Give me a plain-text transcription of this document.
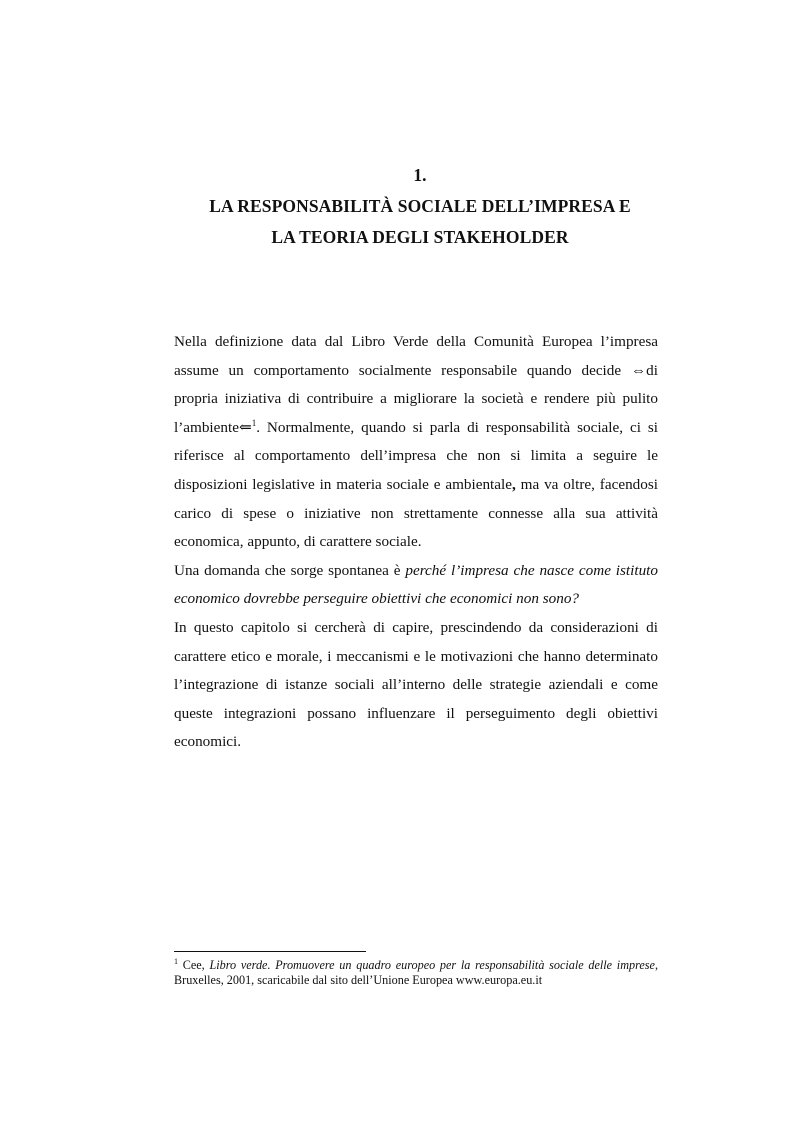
1.
LA RESPONSABILITÀ SOCIALE DELL’IMPRESA E
LA TEORIA DEGLI STAKEHOLDER

Nella definizione data dal Libro Verde della Comunità Europea l’impresa assume un comportamento socialmente responsabile quando decide ⇔di propria iniziativa di contribuire a migliorare la società e rendere più pulito l’ambiente⇐$^1$. Normalmente, quando si parla di responsabilità sociale, ci si riferisce al comportamento dell’impresa che non si limita a seguire le disposizioni legislative in materia sociale e ambientale, ma va oltre, facendosi carico di spese o iniziative non strettamente connesse alla sua attività economica, appunto, di carattere sociale.

Una domanda che sorge spontanea è perché l’impresa che nasce come istituto economico dovrebbe perseguire obiettivi che economici non sono?

In questo capitolo si cercherà di capire, prescindendo da considerazioni di carattere etico e morale, i meccanismi e le motivazioni che hanno determinato l’integrazione di istanze sociali all’interno delle strategie aziendali e come queste integrazioni possano influenzare il perseguimento degli obiettivi economici.

$^1$ Cee, Libro verde. Promuovere un quadro europeo per la responsabilità sociale delle imprese, Bruxelles, 2001, scaricabile dal sito dell’Unione Europea www.europa.eu.it
